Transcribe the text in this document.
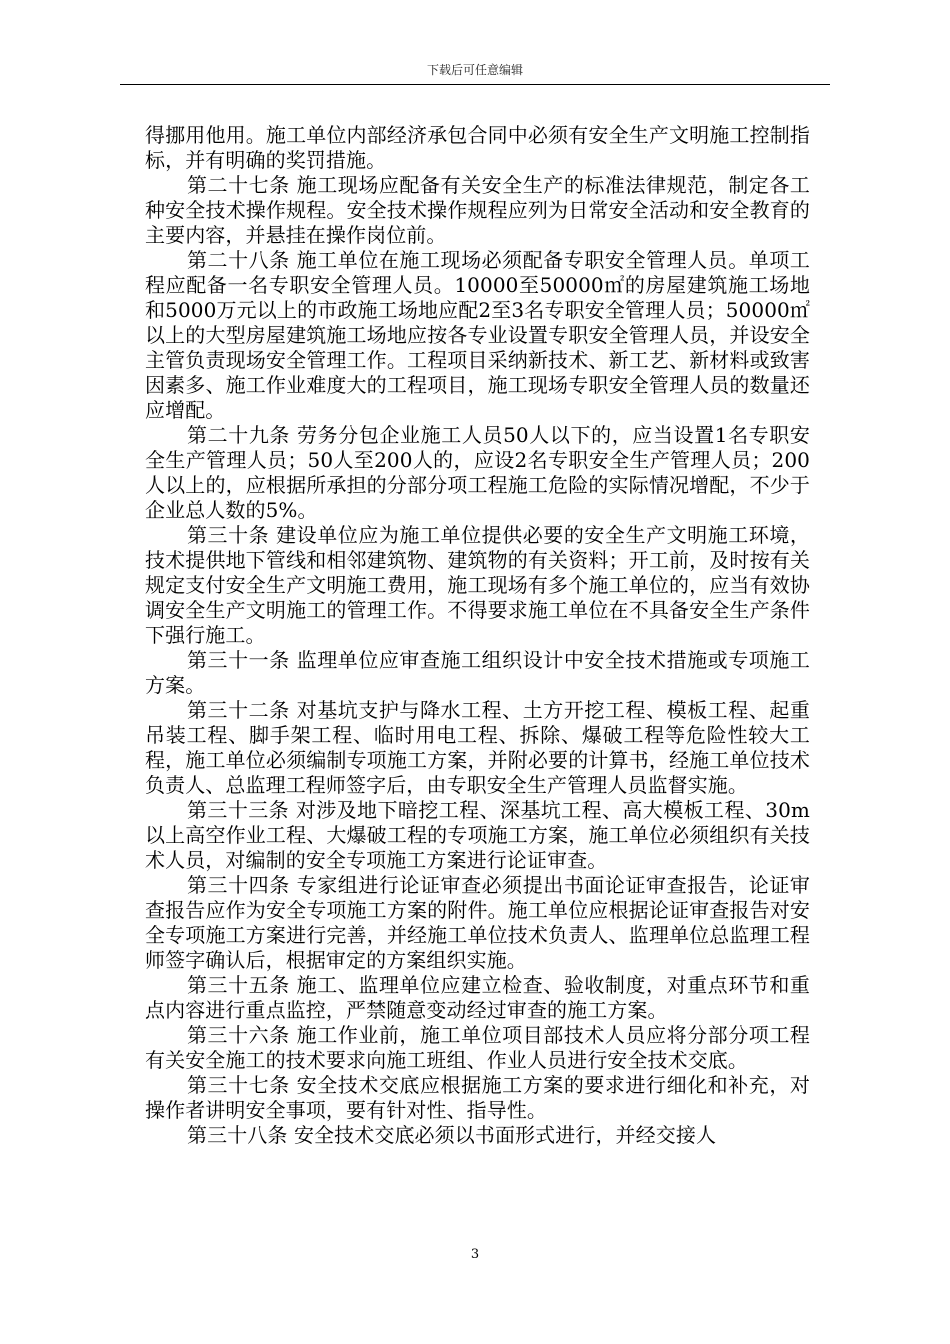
下载后可任意编辑

得挪用他用。施工单位内部经济承包合同中必须有安全生产文明施工控制指标，并有明确的奖罚措施。

第二十七条 施工现场应配备有关安全生产的标准法律规范，制定各工种安全技术操作规程。安全技术操作规程应列为日常安全活动和安全教育的主要内容，并悬挂在操作岗位前。

第二十八条 施工单位在施工现场必须配备专职安全管理人员。单项工程应配备一名专职安全管理人员。10000至50000㎡的房屋建筑施工场地和5000万元以上的市政施工场地应配2至3名专职安全管理人员；50000㎡以上的大型房屋建筑施工场地应按各专业设置专职安全管理人员，并设安全主管负责现场安全管理工作。工程项目采纳新技术、新工艺、新材料或致害因素多、施工作业难度大的工程项目，施工现场专职安全管理人员的数量还应增配。

第二十九条 劳务分包企业施工人员50人以下的，应当设置1名专职安全生产管理人员；50人至200人的，应设2名专职安全生产管理人员；200人以上的，应根据所承担的分部分项工程施工危险的实际情况增配，不少于企业总人数的5%。

第三十条 建设单位应为施工单位提供必要的安全生产文明施工环境，技术提供地下管线和相邻建筑物、建筑物的有关资料；开工前，及时按有关规定支付安全生产文明施工费用，施工现场有多个施工单位的，应当有效协调安全生产文明施工的管理工作。不得要求施工单位在不具备安全生产条件下强行施工。

第三十一条 监理单位应审查施工组织设计中安全技术措施或专项施工方案。

第三十二条 对基坑支护与降水工程、土方开挖工程、模板工程、起重吊装工程、脚手架工程、临时用电工程、拆除、爆破工程等危险性较大工程，施工单位必须编制专项施工方案，并附必要的计算书，经施工单位技术负责人、总监理工程师签字后，由专职安全生产管理人员监督实施。

第三十三条 对涉及地下暗挖工程、深基坑工程、高大模板工程、30m以上高空作业工程、大爆破工程的专项施工方案，施工单位必须组织有关技术人员，对编制的安全专项施工方案进行论证审查。

第三十四条 专家组进行论证审查必须提出书面论证审查报告，论证审查报告应作为安全专项施工方案的附件。施工单位应根据论证审查报告对安全专项施工方案进行完善，并经施工单位技术负责人、监理单位总监理工程师签字确认后，根据审定的方案组织实施。

第三十五条 施工、监理单位应建立检查、验收制度，对重点环节和重点内容进行重点监控，严禁随意变动经过审查的施工方案。

第三十六条 施工作业前，施工单位项目部技术人员应将分部分项工程有关安全施工的技术要求向施工班组、作业人员进行安全技术交底。

第三十七条 安全技术交底应根据施工方案的要求进行细化和补充，对操作者讲明安全事项，要有针对性、指导性。

第三十八条 安全技术交底必须以书面形式进行，并经交接人

3
